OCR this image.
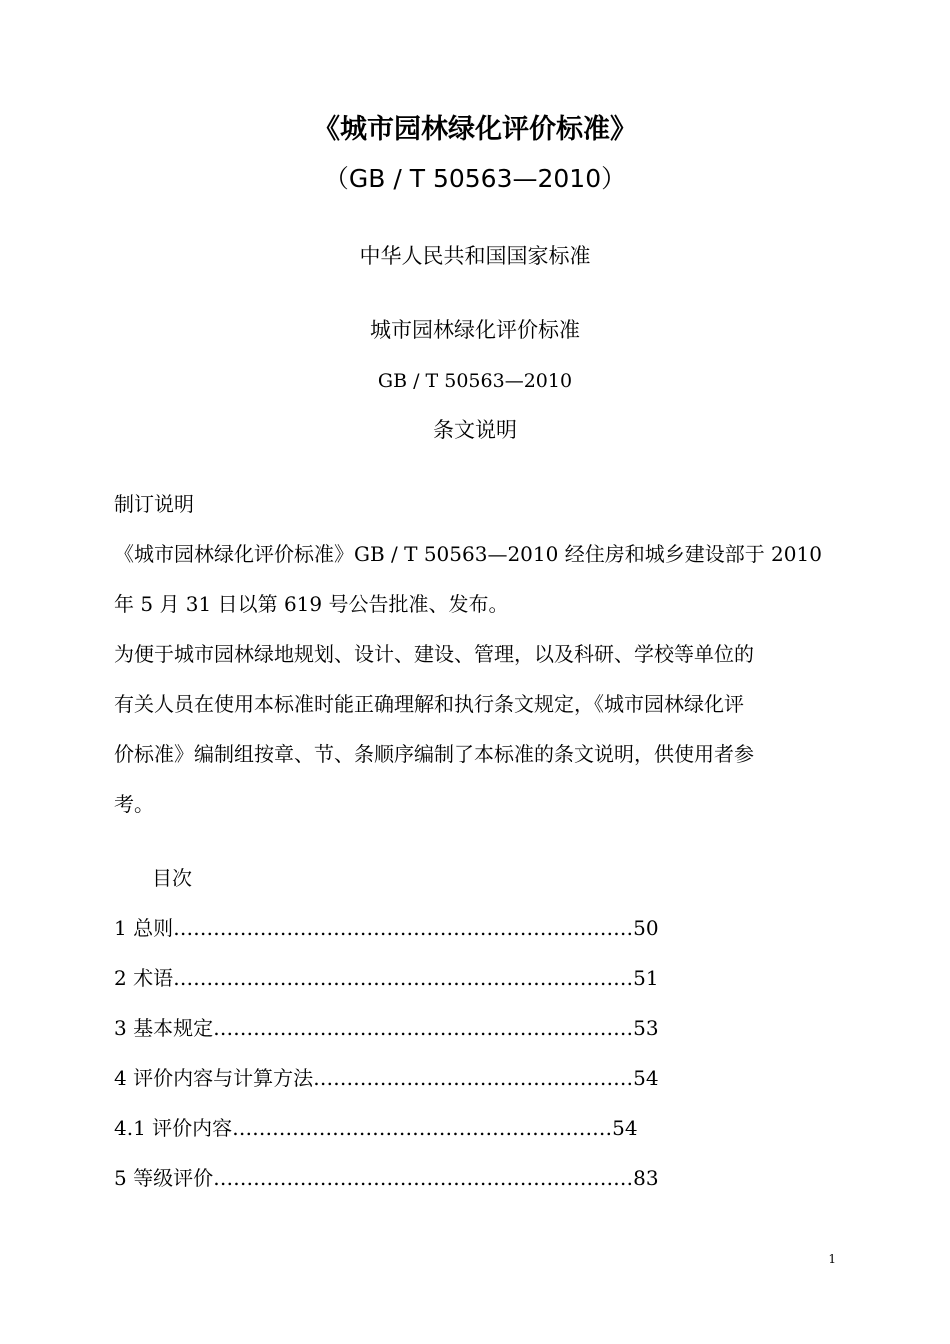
《城市园林绿化评价标准》
（GB / T 50563—2010）
中华人民共和国国家标准
城市园林绿化评价标准
GB / T 50563—2010
条文说明
制订说明
《城市园林绿化评价标准》GB / T 50563—2010 经住房和城乡建设部于 2010
年 5 月 31 日以第 619 号公告批准、发布。
为便于城市园林绿地规划、设计、建设、管理，以及科研、学校等单位的
有关人员在使用本标准时能正确理解和执行条文规定，《城市园林绿化评
价标准》编制组按章、节、条顺序编制了本标准的条文说明，供使用者参
考。
目次
1 总则……………………………………………………………50
2 术语……………………………………………………………51
3 基本规定………………………………………………………53
4 评价内容与计算方法…………………………………………54
4.1 评价内容…………………………………………………54
5 等级评价………………………………………………………83
1
